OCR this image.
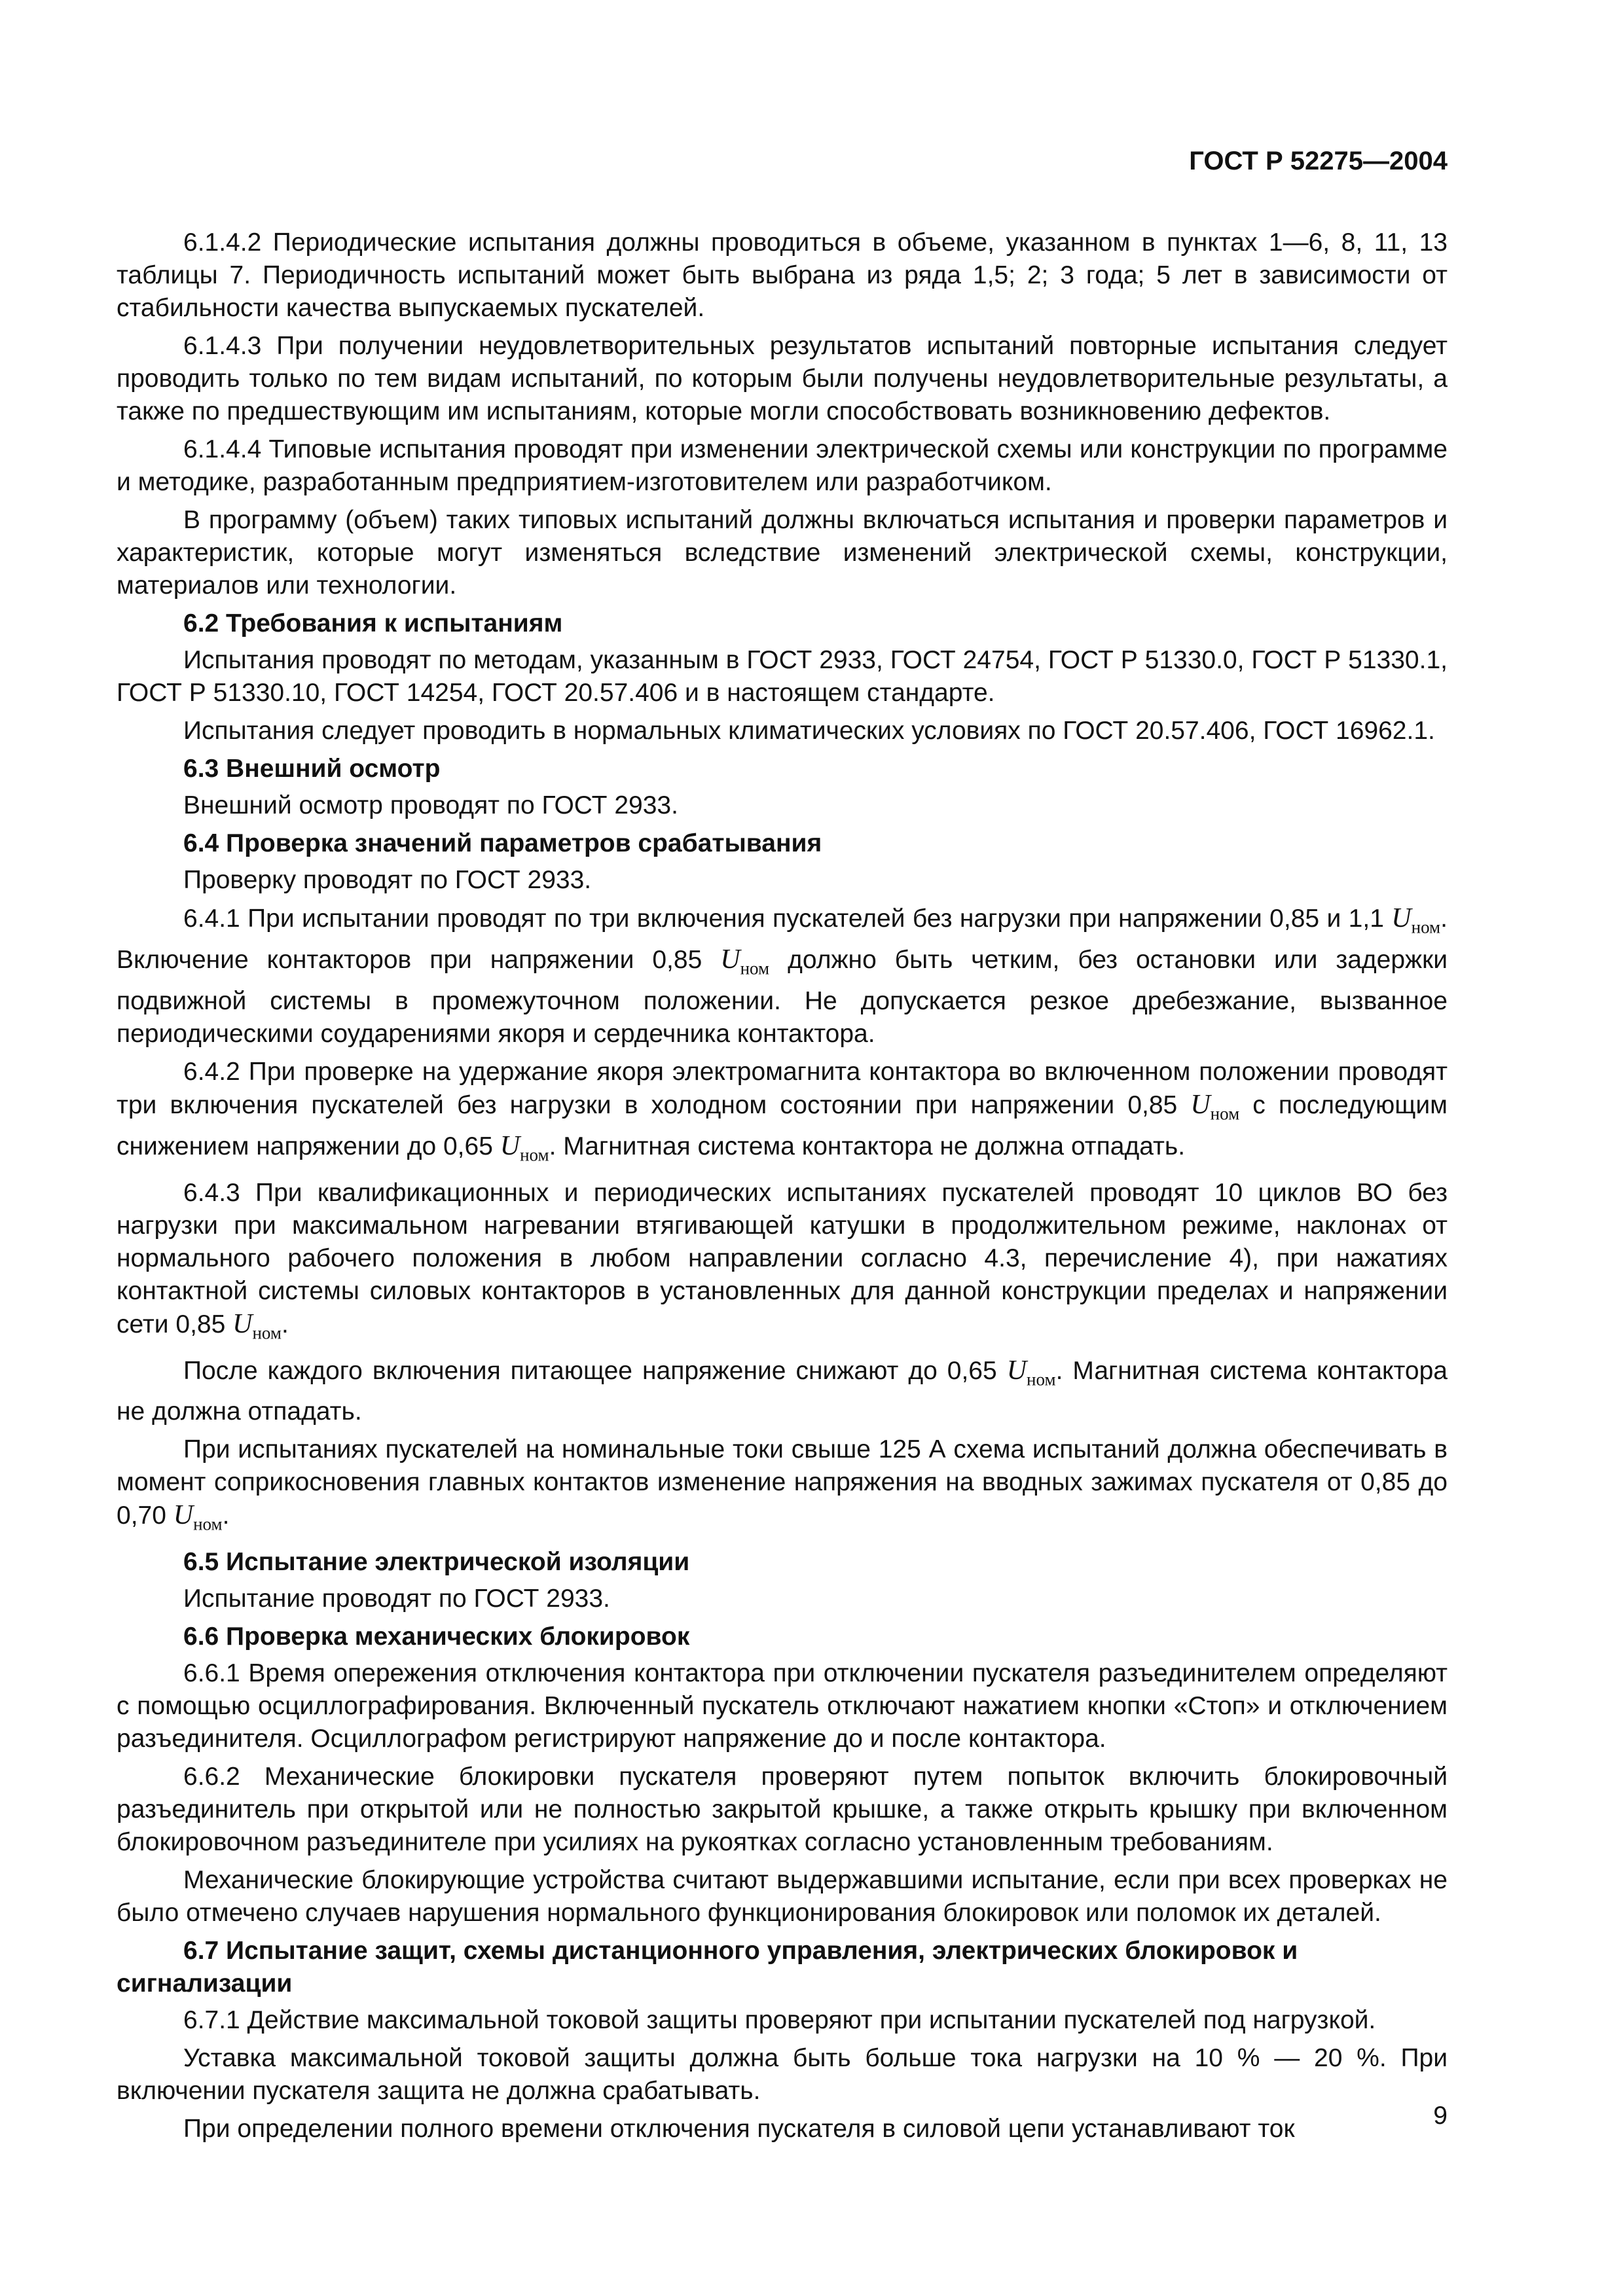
ГОСТ Р 52275—2004
6.1.4.2 Периодические испытания должны проводиться в объеме, указанном в пунктах 1—6, 8, 11, 13 таблицы 7. Периодичность испытаний может быть выбрана из ряда 1,5; 2; 3 года; 5 лет в зависимости от стабильности качества выпускаемых пускателей.
6.1.4.3 При получении неудовлетворительных результатов испытаний повторные испытания следует проводить только по тем видам испытаний, по которым были получены неудовлетворительные результаты, а также по предшествующим им испытаниям, которые могли способствовать возникновению дефектов.
6.1.4.4 Типовые испытания проводят при изменении электрической схемы или конструкции по программе и методике, разработанным предприятием-изготовителем или разработчиком.
В программу (объем) таких типовых испытаний должны включаться испытания и проверки параметров и характеристик, которые могут изменяться вследствие изменений электрической схемы, конструкции, материалов или технологии.
6.2 Требования к испытаниям
Испытания проводят по методам, указанным в ГОСТ 2933, ГОСТ 24754, ГОСТ Р 51330.0, ГОСТ Р 51330.1, ГОСТ Р 51330.10, ГОСТ 14254, ГОСТ 20.57.406 и в настоящем стандарте.
Испытания следует проводить в нормальных климатических условиях по ГОСТ 20.57.406, ГОСТ 16962.1.
6.3 Внешний осмотр
Внешний осмотр проводят по ГОСТ 2933.
6.4 Проверка значений параметров срабатывания
Проверку проводят по ГОСТ 2933.
6.4.1 При испытании проводят по три включения пускателей без нагрузки при напряжении 0,85 и 1,1 $U_{ном}$. Включение контакторов при напряжении 0,85 $U_{ном}$ должно быть четким, без остановки или задержки подвижной системы в промежуточном положении. Не допускается резкое дребезжание, вызванное периодическими соударениями якоря и сердечника контактора.
6.4.2 При проверке на удержание якоря электромагнита контактора во включенном положении проводят три включения пускателей без нагрузки в холодном состоянии при напряжении 0,85 $U_{ном}$ с последующим снижением напряжении до 0,65 $U_{ном}$. Магнитная система контактора не должна отпадать.
6.4.3 При квалификационных и периодических испытаниях пускателей проводят 10 циклов ВО без нагрузки при максимальном нагревании втягивающей катушки в продолжительном режиме, наклонах от нормального рабочего положения в любом направлении согласно 4.3, перечисление 4), при нажатиях контактной системы силовых контакторов в установленных для данной конструкции пределах и напряжении сети 0,85 $U_{ном}$.
После каждого включения питающее напряжение снижают до 0,65 $U_{ном}$. Магнитная система контактора не должна отпадать.
При испытаниях пускателей на номинальные токи свыше 125 А схема испытаний должна обеспечивать в момент соприкосновения главных контактов изменение напряжения на вводных зажимах пускателя от 0,85 до 0,70 $U_{ном}$.
6.5 Испытание электрической изоляции
Испытание проводят по ГОСТ 2933.
6.6 Проверка механических блокировок
6.6.1 Время опережения отключения контактора при отключении пускателя разъединителем определяют с помощью осциллографирования. Включенный пускатель отключают нажатием кнопки «Стоп» и отключением разъединителя. Осциллографом регистрируют напряжение до и после контактора.
6.6.2 Механические блокировки пускателя проверяют путем попыток включить блокировочный разъединитель при открытой или не полностью закрытой крышке, а также открыть крышку при включенном блокировочном разъединителе при усилиях на рукоятках согласно установленным требованиям.
Механические блокирующие устройства считают выдержавшими испытание, если при всех проверках не было отмечено случаев нарушения нормального функционирования блокировок или поломок их деталей.
6.7 Испытание защит, схемы дистанционного управления, электрических блокировок и сигнализации
6.7.1 Действие максимальной токовой защиты проверяют при испытании пускателей под нагрузкой.
Уставка максимальной токовой защиты должна быть больше тока нагрузки на 10 % — 20 %. При включении пускателя защита не должна срабатывать.
При определении полного времени отключения пускателя в силовой цепи устанавливают ток	9
